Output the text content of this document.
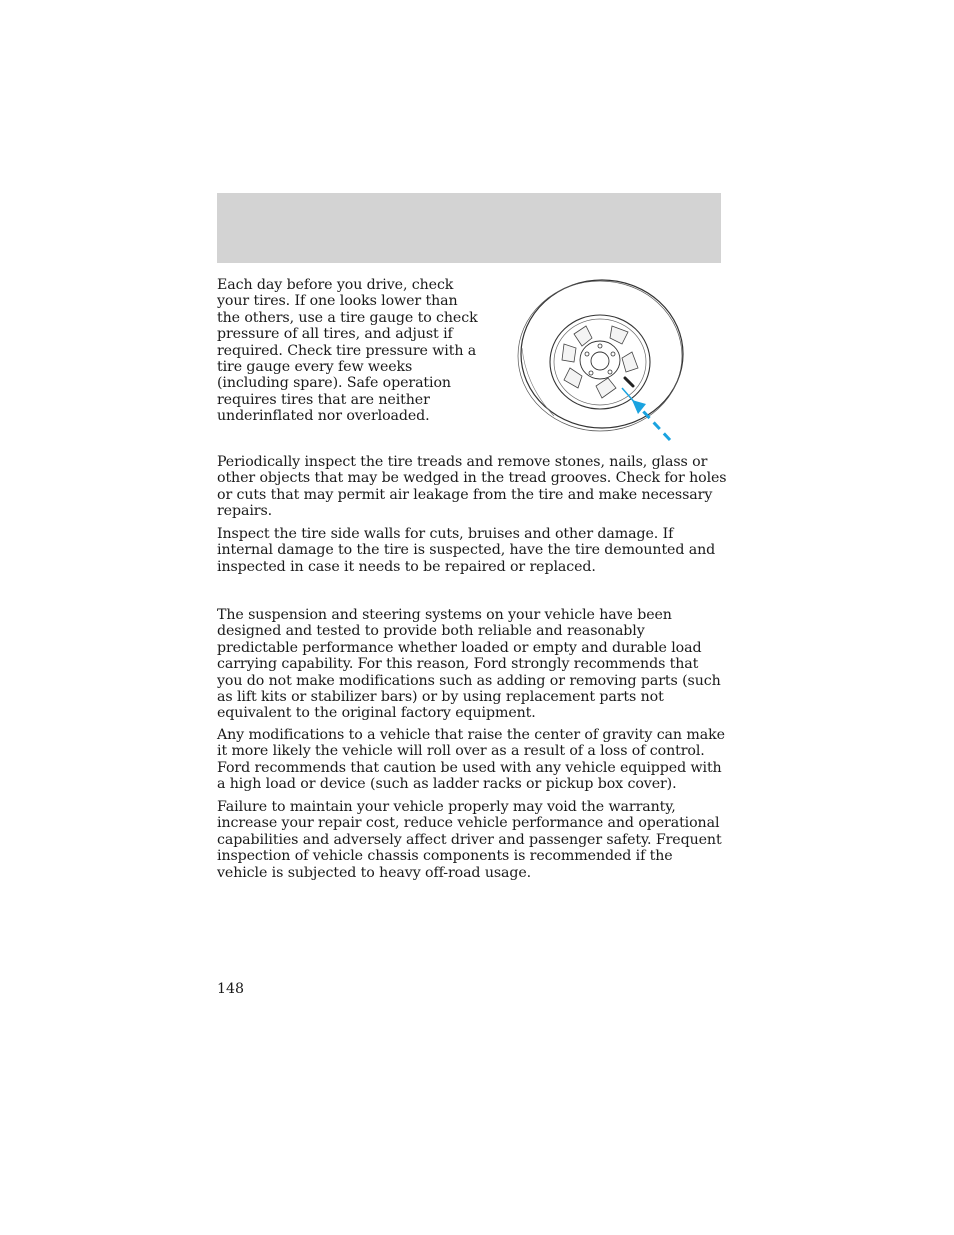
Each day before you drive, check your tires. If one looks lower than the others, use a tire gauge to check pressure of all tires, and adjust if required. Check tire pressure with a tire gauge every few weeks (including spare). Safe operation requires tires that are neither underinflated nor overloaded.

Periodically inspect the tire treads and remove stones, nails, glass or other objects that may be wedged in the tread grooves. Check for holes or cuts that may permit air leakage from the tire and make necessary repairs.

Inspect the tire side walls for cuts, bruises and other damage. If internal damage to the tire is suspected, have the tire demounted and inspected in case it needs to be repaired or replaced.

The suspension and steering systems on your vehicle have been designed and tested to provide both reliable and reasonably predictable performance whether loaded or empty and durable load carrying capability. For this reason, Ford strongly recommends that you do not make modifications such as adding or removing parts (such as lift kits or stabilizer bars) or by using replacement parts not equivalent to the original factory equipment.

Any modifications to a vehicle that raise the center of gravity can make it more likely the vehicle will roll over as a result of a loss of control. Ford recommends that caution be used with any vehicle equipped with a high load or device (such as ladder racks or pickup box cover).

Failure to maintain your vehicle properly may void the warranty, increase your repair cost, reduce vehicle performance and operational capabilities and adversely affect driver and passenger safety. Frequent inspection of vehicle chassis components is recommended if the vehicle is subjected to heavy off-road usage.

148
